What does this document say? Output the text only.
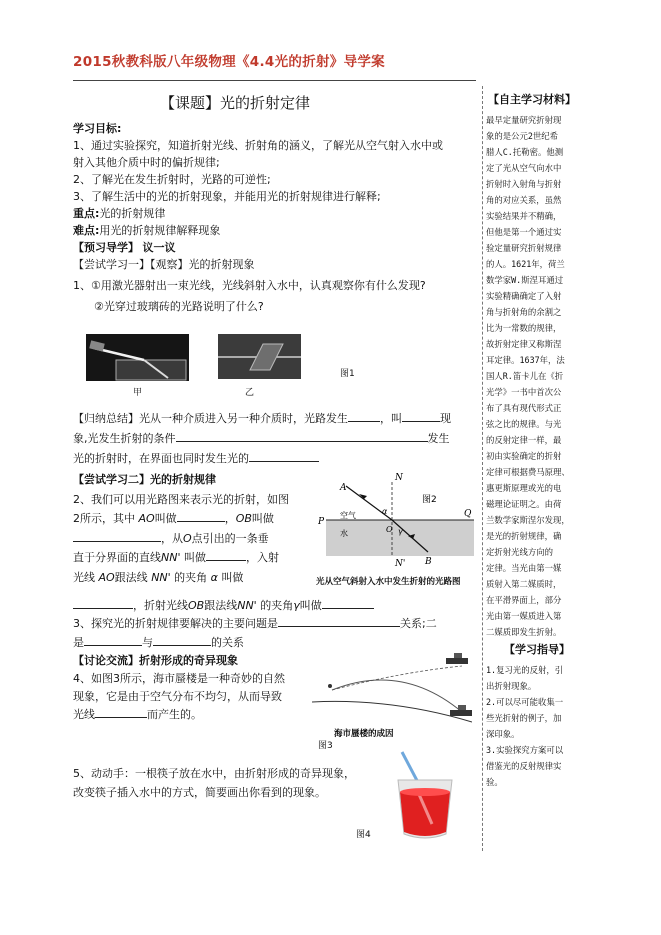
2015秋教科版八年级物理《4.4光的折射》导学案
【课题】光的折射定律

学习目标:

1、通过实验探究，知道折射光线、折射角的涵义，了解光从空气射入水中或

射入其他介质中时的偏折规律;

2、了解光在发生折射时，光路的可逆性;

3、了解生活中的光的折射现象，并能用光的折射规律进行解释;

重点:光的折射规律

难点:用光的折射规律解释现象

【预习导学】 议一议

【尝试学习一】【观察】光的折射现象

1、①用激光器射出一束光线，光线斜射入水中，认真观察你有什么发现?

②光穿过玻璃砖的光路说明了什么?

甲	乙
图1
【归纳总结】光从一种介质进入另一种介质时，光路发生	，叫	现
象,光发生折射的条件	发生
光的折射时，在界面也同时发生光的
【尝试学习二】光的折射规律
2、我们可以用光路图来表示光的折射，如图
2所示，其中 AO叫做	，OB叫做
，从O点引出的一条垂
直于分界面的直线NN' 叫做	，入射
光线 AO跟法线 NN' 的夹角 α 叫做
，折射光线OB跟法线NN' 的夹角γ叫做
3、探究光的折射规律要解决的主要问题是	关系;二
是	与	的关系
N
N'
A
B
P
Q
O
空气
水
α
γ
图2
光从空气斜射入水中发生折射的光路图
【讨论交流】折射形成的奇异现象
4、如图3所示，海市蜃楼是一种奇妙的自然
现象，它是由于空气分布不均匀，从而导致
光线	而产生的。
海市蜃楼的成因
图3
5、动动手：一根筷子放在水中，由折射形成的奇异现象，
改变筷子插入水中的方式，简要画出你看到的现象。
图4
【自主学习材料】

最早定量研究折射现

象的是公元2世纪希

腊人C.托勒密。他测

定了光从空气向水中

折射时入射角与折射

角的对应关系，虽然

实验结果并不精确，

但他是第一个通过实

验定量研究折射规律

的人。1621年，荷兰

数学家W.斯涅耳通过

实验精确确定了入射

角与折射角的余割之

比为一常数的规律，

故折射定律又称斯涅

耳定律。1637年，法

国人R.笛卡儿在《折

光学》一书中首次公

布了具有现代形式正

弦之比的规律。与光

的反射定律一样，最

初由实验确定的折射

定律可根据费马原理、

惠更斯原理或光的电

磁理论证明之。由荷

兰数学家斯涅尔发现，

是光的折射规律，确

定折射光线方向的

定律。当光由第一媒

质射入第二媒质时，

在平滑界面上，部分

光由第一媒质进入第

二媒质即发生折射。

【学习指导】

1.复习光的反射，引

出折射现象。

2.可以尽可能收集一

些光折射的例子，加

深印象。

3.实验探究方案可以

借鉴光的反射规律实

验。
